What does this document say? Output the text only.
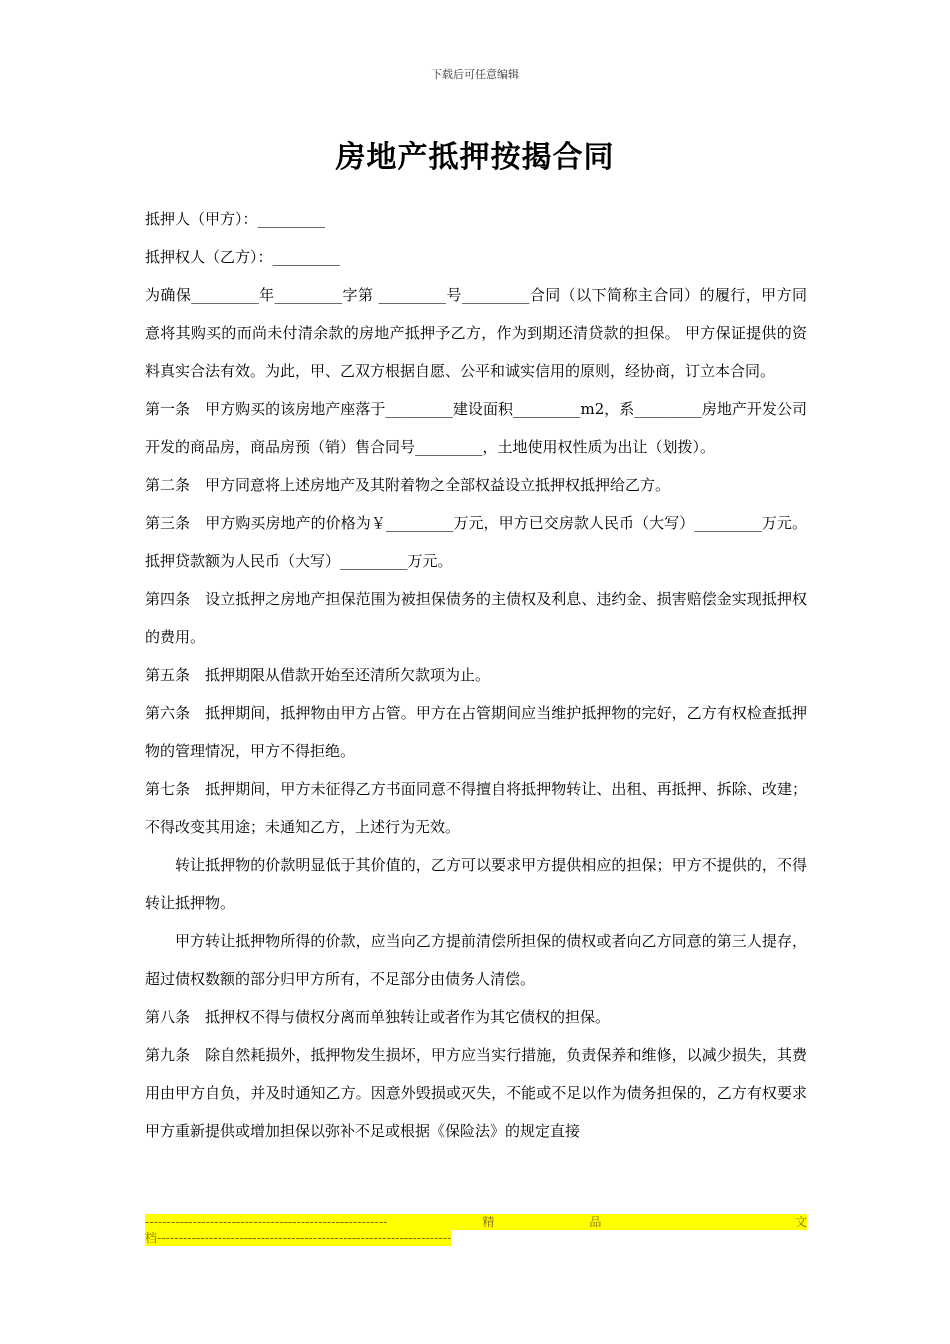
下载后可任意编辑
房地产抵押按揭合同

抵押人（甲方）：_________

抵押权人（乙方）：_________

为确保_________年_________字第 _________号_________合同（以下简称主合同）的履行，甲方同意将其购买的而尚未付清余款的房地产抵押予乙方，作为到期还清贷款的担保。 甲方保证提供的资料真实合法有效。为此，甲、乙双方根据自愿、公平和诚实信用的原则，经协商，订立本合同。

第一条　甲方购买的该房地产座落于_________建设面积_________m2，系_________房地产开发公司开发的商品房，商品房预（销）售合同号_________，土地使用权性质为出让（划拨）。

第二条　甲方同意将上述房地产及其附着物之全部权益设立抵押权抵押给乙方。

第三条　甲方购买房地产的价格为￥_________万元，甲方已交房款人民币（大写）_________万元。抵押贷款额为人民币（大写）_________万元。

第四条　设立抵押之房地产担保范围为被担保债务的主债权及利息、违约金、损害赔偿金实现抵押权的费用。

第五条　抵押期限从借款开始至还清所欠款项为止。

第六条　抵押期间，抵押物由甲方占管。甲方在占管期间应当维护抵押物的完好，乙方有权检查抵押物的管理情况，甲方不得拒绝。

第七条　抵押期间，甲方未征得乙方书面同意不得擅自将抵押物转让、出租、再抵押、拆除、改建；不得改变其用途；未通知乙方，上述行为无效。

转让抵押物的价款明显低于其价值的，乙方可以要求甲方提供相应的担保；甲方不提供的，不得转让抵押物。

甲方转让抵押物所得的价款，应当向乙方提前清偿所担保的债权或者向乙方同意的第三人提存，超过债权数额的部分归甲方所有，不足部分由债务人清偿。

第八条　抵押权不得与债权分离而单独转让或者作为其它债权的担保。

第九条　除自然耗损外，抵押物发生损坏，甲方应当实行措施，负责保养和维修，以减少损失，其费用由甲方自负，并及时通知乙方。因意外毁损或灭失，不能或不足以作为债务担保的，乙方有权要求甲方重新提供或增加担保以弥补不足或根据《保险法》的规定直接

--------------------------------------------------------	精	品
	文
档--------------------------------------------------------------------
